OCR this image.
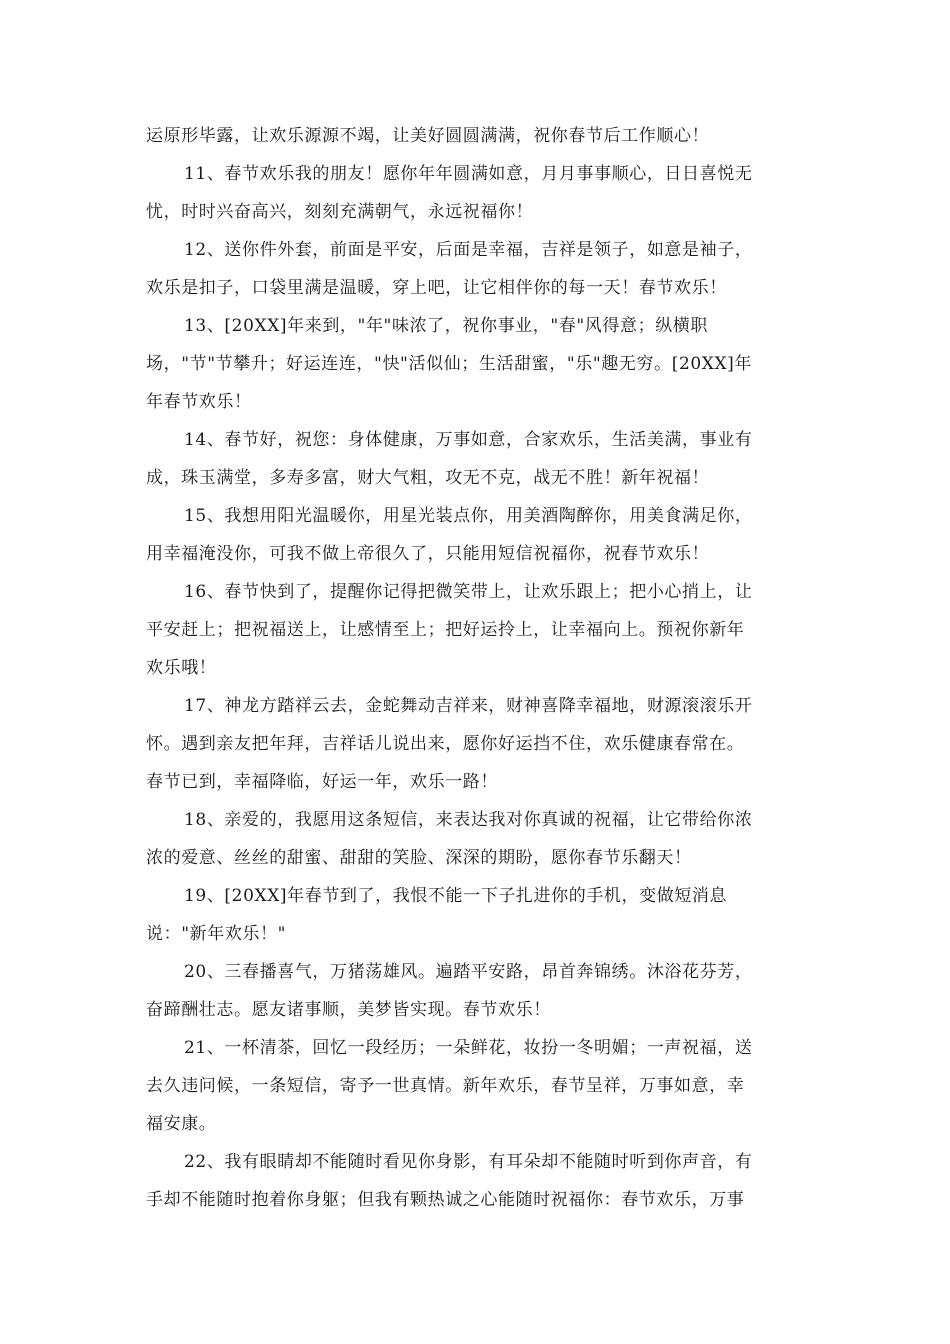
运原形毕露，让欢乐源源不竭，让美好圆圆满满，祝你春节后工作顺心！
11、春节欢乐我的朋友！愿你年年圆满如意，月月事事顺心，日日喜悦无
忧，时时兴奋高兴，刻刻充满朝气，永远祝福你！
12、送你件外套，前面是平安，后面是幸福，吉祥是领子，如意是袖子，
欢乐是扣子，口袋里满是温暖，穿上吧，让它相伴你的每一天！春节欢乐！
13、[20XX]年来到，"年"味浓了，祝你事业，"春"风得意；纵横职
场，"节"节攀升；好运连连，"快"活似仙；生活甜蜜，"乐"趣无穷。[20XX]年
年春节欢乐！
14、春节好，祝您：身体健康，万事如意，合家欢乐，生活美满，事业有
成，珠玉满堂，多寿多富，财大气粗，攻无不克，战无不胜！新年祝福！
15、我想用阳光温暖你，用星光装点你，用美酒陶醉你，用美食满足你，
用幸福淹没你，可我不做上帝很久了，只能用短信祝福你，祝春节欢乐！
16、春节快到了，提醒你记得把微笑带上，让欢乐跟上；把小心捎上，让
平安赶上；把祝福送上，让感情至上；把好运拎上，让幸福向上。预祝你新年
欢乐哦！
17、神龙方踏祥云去，金蛇舞动吉祥来，财神喜降幸福地，财源滚滚乐开
怀。遇到亲友把年拜，吉祥话儿说出来，愿你好运挡不住，欢乐健康春常在。
春节已到，幸福降临，好运一年，欢乐一路！
18、亲爱的，我愿用这条短信，来表达我对你真诚的祝福，让它带给你浓
浓的爱意、丝丝的甜蜜、甜甜的笑脸、深深的期盼，愿你春节乐翻天！
19、[20XX]年春节到了，我恨不能一下子扎进你的手机，变做短消息
说："新年欢乐！"
20、三春播喜气，万猪荡雄风。遍踏平安路，昂首奔锦绣。沐浴花芬芳，
奋蹄酬壮志。愿友诸事顺，美梦皆实现。春节欢乐！
21、一杯清茶，回忆一段经历；一朵鲜花，妆扮一冬明媚；一声祝福，送
去久违问候，一条短信，寄予一世真情。新年欢乐，春节呈祥，万事如意，幸
福安康。
22、我有眼睛却不能随时看见你身影，有耳朵却不能随时听到你声音，有
手却不能随时抱着你身躯；但我有颗热诚之心能随时祝福你：春节欢乐，万事
